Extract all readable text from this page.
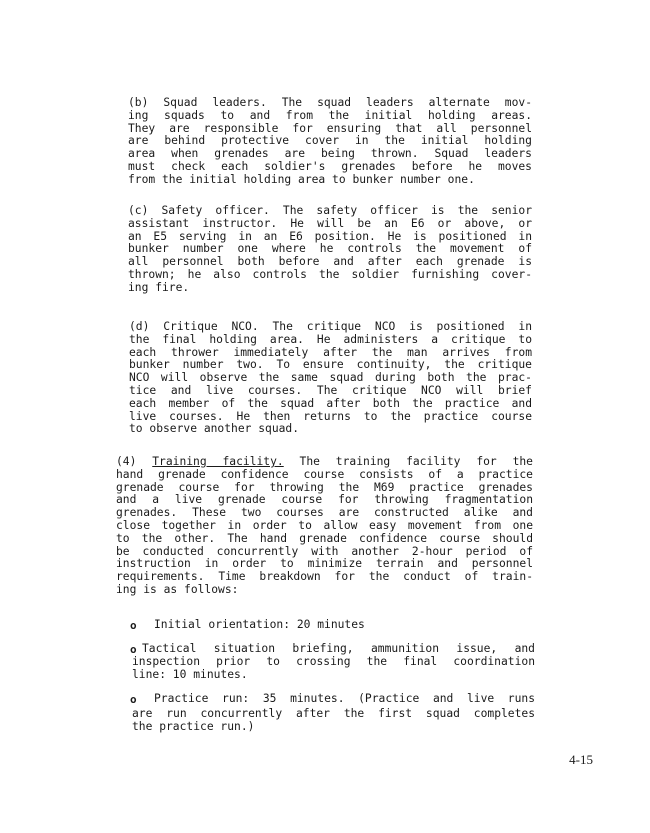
(b) Squad leaders. The squad leaders alternate mov-
ing squads to and from the initial holding areas.
They are responsible for ensuring that all personnel
are behind protective cover in the initial holding
area when grenades are being thrown. Squad leaders
must check each soldier's grenades before he moves
from the initial holding area to bunker number one.
(c) Safety officer. The safety officer is the senior
assistant instructor. He will be an E6 or above, or
an E5 serving in an E6 position. He is positioned in
bunker number one where he controls the movement of
all personnel both before and after each grenade is
thrown; he also controls the soldier furnishing cover-
ing fire.
(d) Critique NCO. The critique NCO is positioned in
the final holding area. He administers a critique to
each thrower immediately after the man arrives from
bunker number two. To ensure continuity, the critique
NCO will observe the same squad during both the prac-
tice and live courses. The critique NCO will brief
each member of the squad after both the practice and
live courses. He then returns to the practice course
to observe another squad.
(4) Training facility. The training facility for the
hand grenade confidence course consists of a practice
grenade course for throwing the M69 practice grenades
and a live grenade course for throwing fragmentation
grenades. These two courses are constructed alike and
close together in order to allow easy movement from one
to the other. The hand grenade confidence course should
be conducted concurrently with another 2-hour period of
instruction in order to minimize terrain and personnel
requirements. Time breakdown for the conduct of train-
ing is as follows:
o Initial orientation: 20 minutes
o Tactical situation briefing, ammunition issue, and
inspection prior to crossing the final coordination
line: 10 minutes.
o Practice run: 35 minutes. (Practice and live runs
are run concurrently after the first squad completes
the practice run.)
4-15
